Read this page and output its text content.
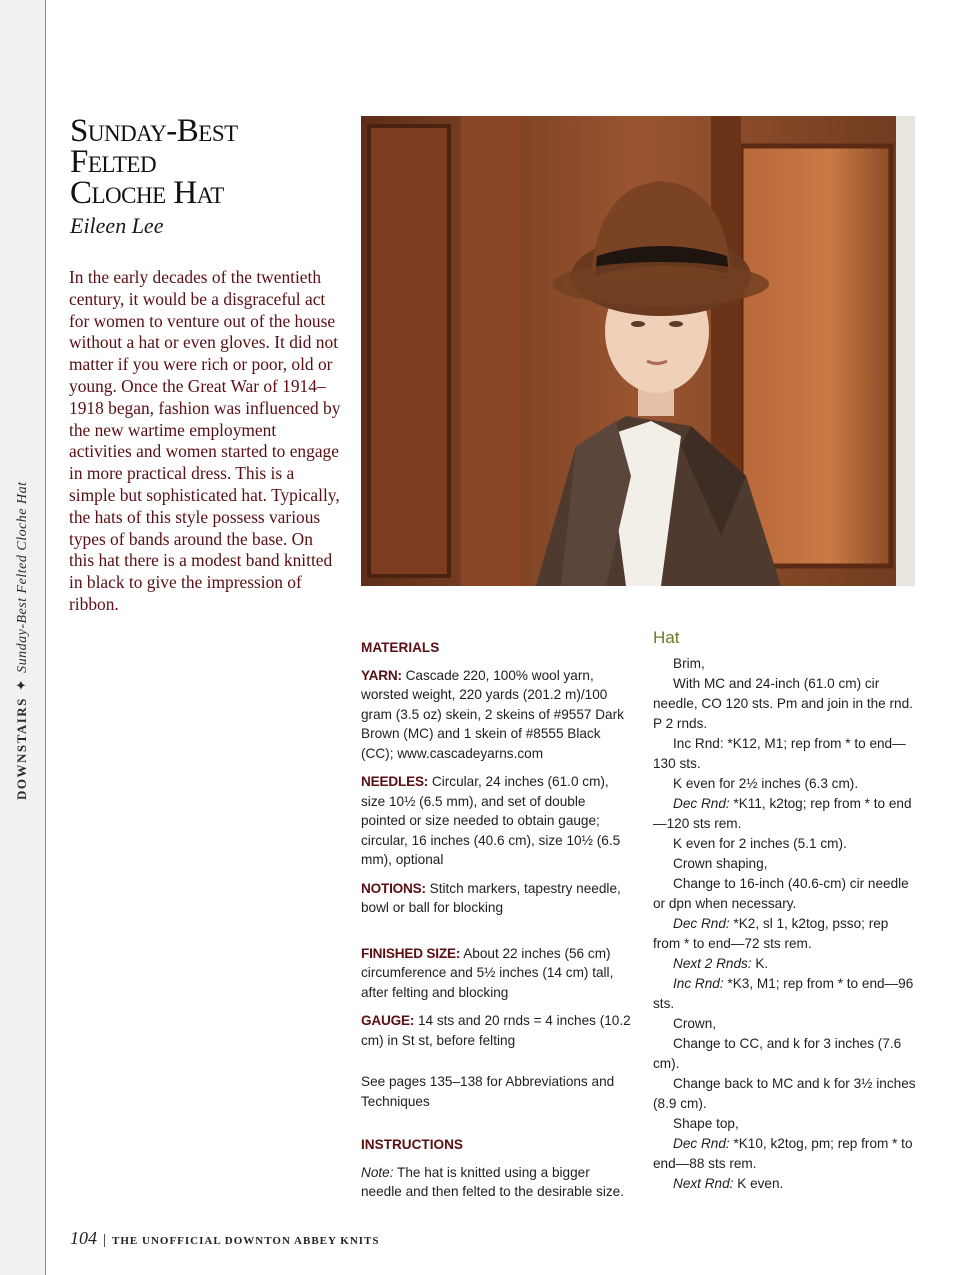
DOWNSTAIRS✦Sunday-Best Felted Cloche Hat
Sunday-Best
Felted
Cloche Hat
Eileen Lee

In the early decades of the twentieth century, it would be a disgraceful act for women to venture out of the house without a hat or even gloves. It did not matter if you were rich or poor, old or young. Once the Great War of 1914–1918 began, fashion was influenced by the new wartime employment activities and women started to engage in more practical dress. This is a simple but sophisticated hat. Typically, the hats of this style possess various types of bands around the base. On this hat there is a modest band knitted in black to give the impression of ribbon.

MATERIALS

YARN: Cascade 220, 100% wool yarn, worsted weight, 220 yards (201.2 m)/100 gram (3.5 oz) skein, 2 skeins of #9557 Dark Brown (MC) and 1 skein of #8555 Black (CC); www.cascadeyarns.com

NEEDLES: Circular, 24 inches (61.0 cm), size 10½ (6.5 mm), and set of double pointed or size needed to obtain gauge; circular, 16 inches (40.6 cm), size 10½ (6.5 mm), optional

NOTIONS: Stitch markers, tapestry needle, bowl or ball for blocking

FINISHED SIZE: About 22 inches (56 cm) circumference and 5½ inches (14 cm) tall, after felting and blocking

GAUGE: 14 sts and 20 rnds = 4 inches (10.2 cm) in St st, before felting

See pages 135–138 for Abbreviations and Techniques

INSTRUCTIONS

Note: The hat is knitted using a bigger needle and then felted to the desirable size.

Hat

Brim,

With MC and 24-inch (61.0 cm) cir needle, CO 120 sts. Pm and join in the rnd. P 2 rnds.

Inc Rnd: *K12, M1; rep from * to end—130 sts.

K even for 2½ inches (6.3 cm).

Dec Rnd: *K11, k2tog; rep from * to end—120 sts rem.

K even for 2 inches (5.1 cm).

Crown shaping,

Change to 16-inch (40.6-cm) cir needle or dpn when necessary.

Dec Rnd: *K2, sl 1, k2tog, psso; rep from * to end—72 sts rem.

Next 2 Rnds: K.

Inc Rnd: *K3, M1; rep from * to end—96 sts.

Crown,

Change to CC, and k for 3 inches (7.6 cm).

Change back to MC and k for 3½ inches (8.9 cm).

Shape top,

Dec Rnd: *K10, k2tog, pm; rep from * to end—88 sts rem.

Next Rnd: K even.

104 | THE UNOFFICIAL DOWNTON ABBEY KNITS
